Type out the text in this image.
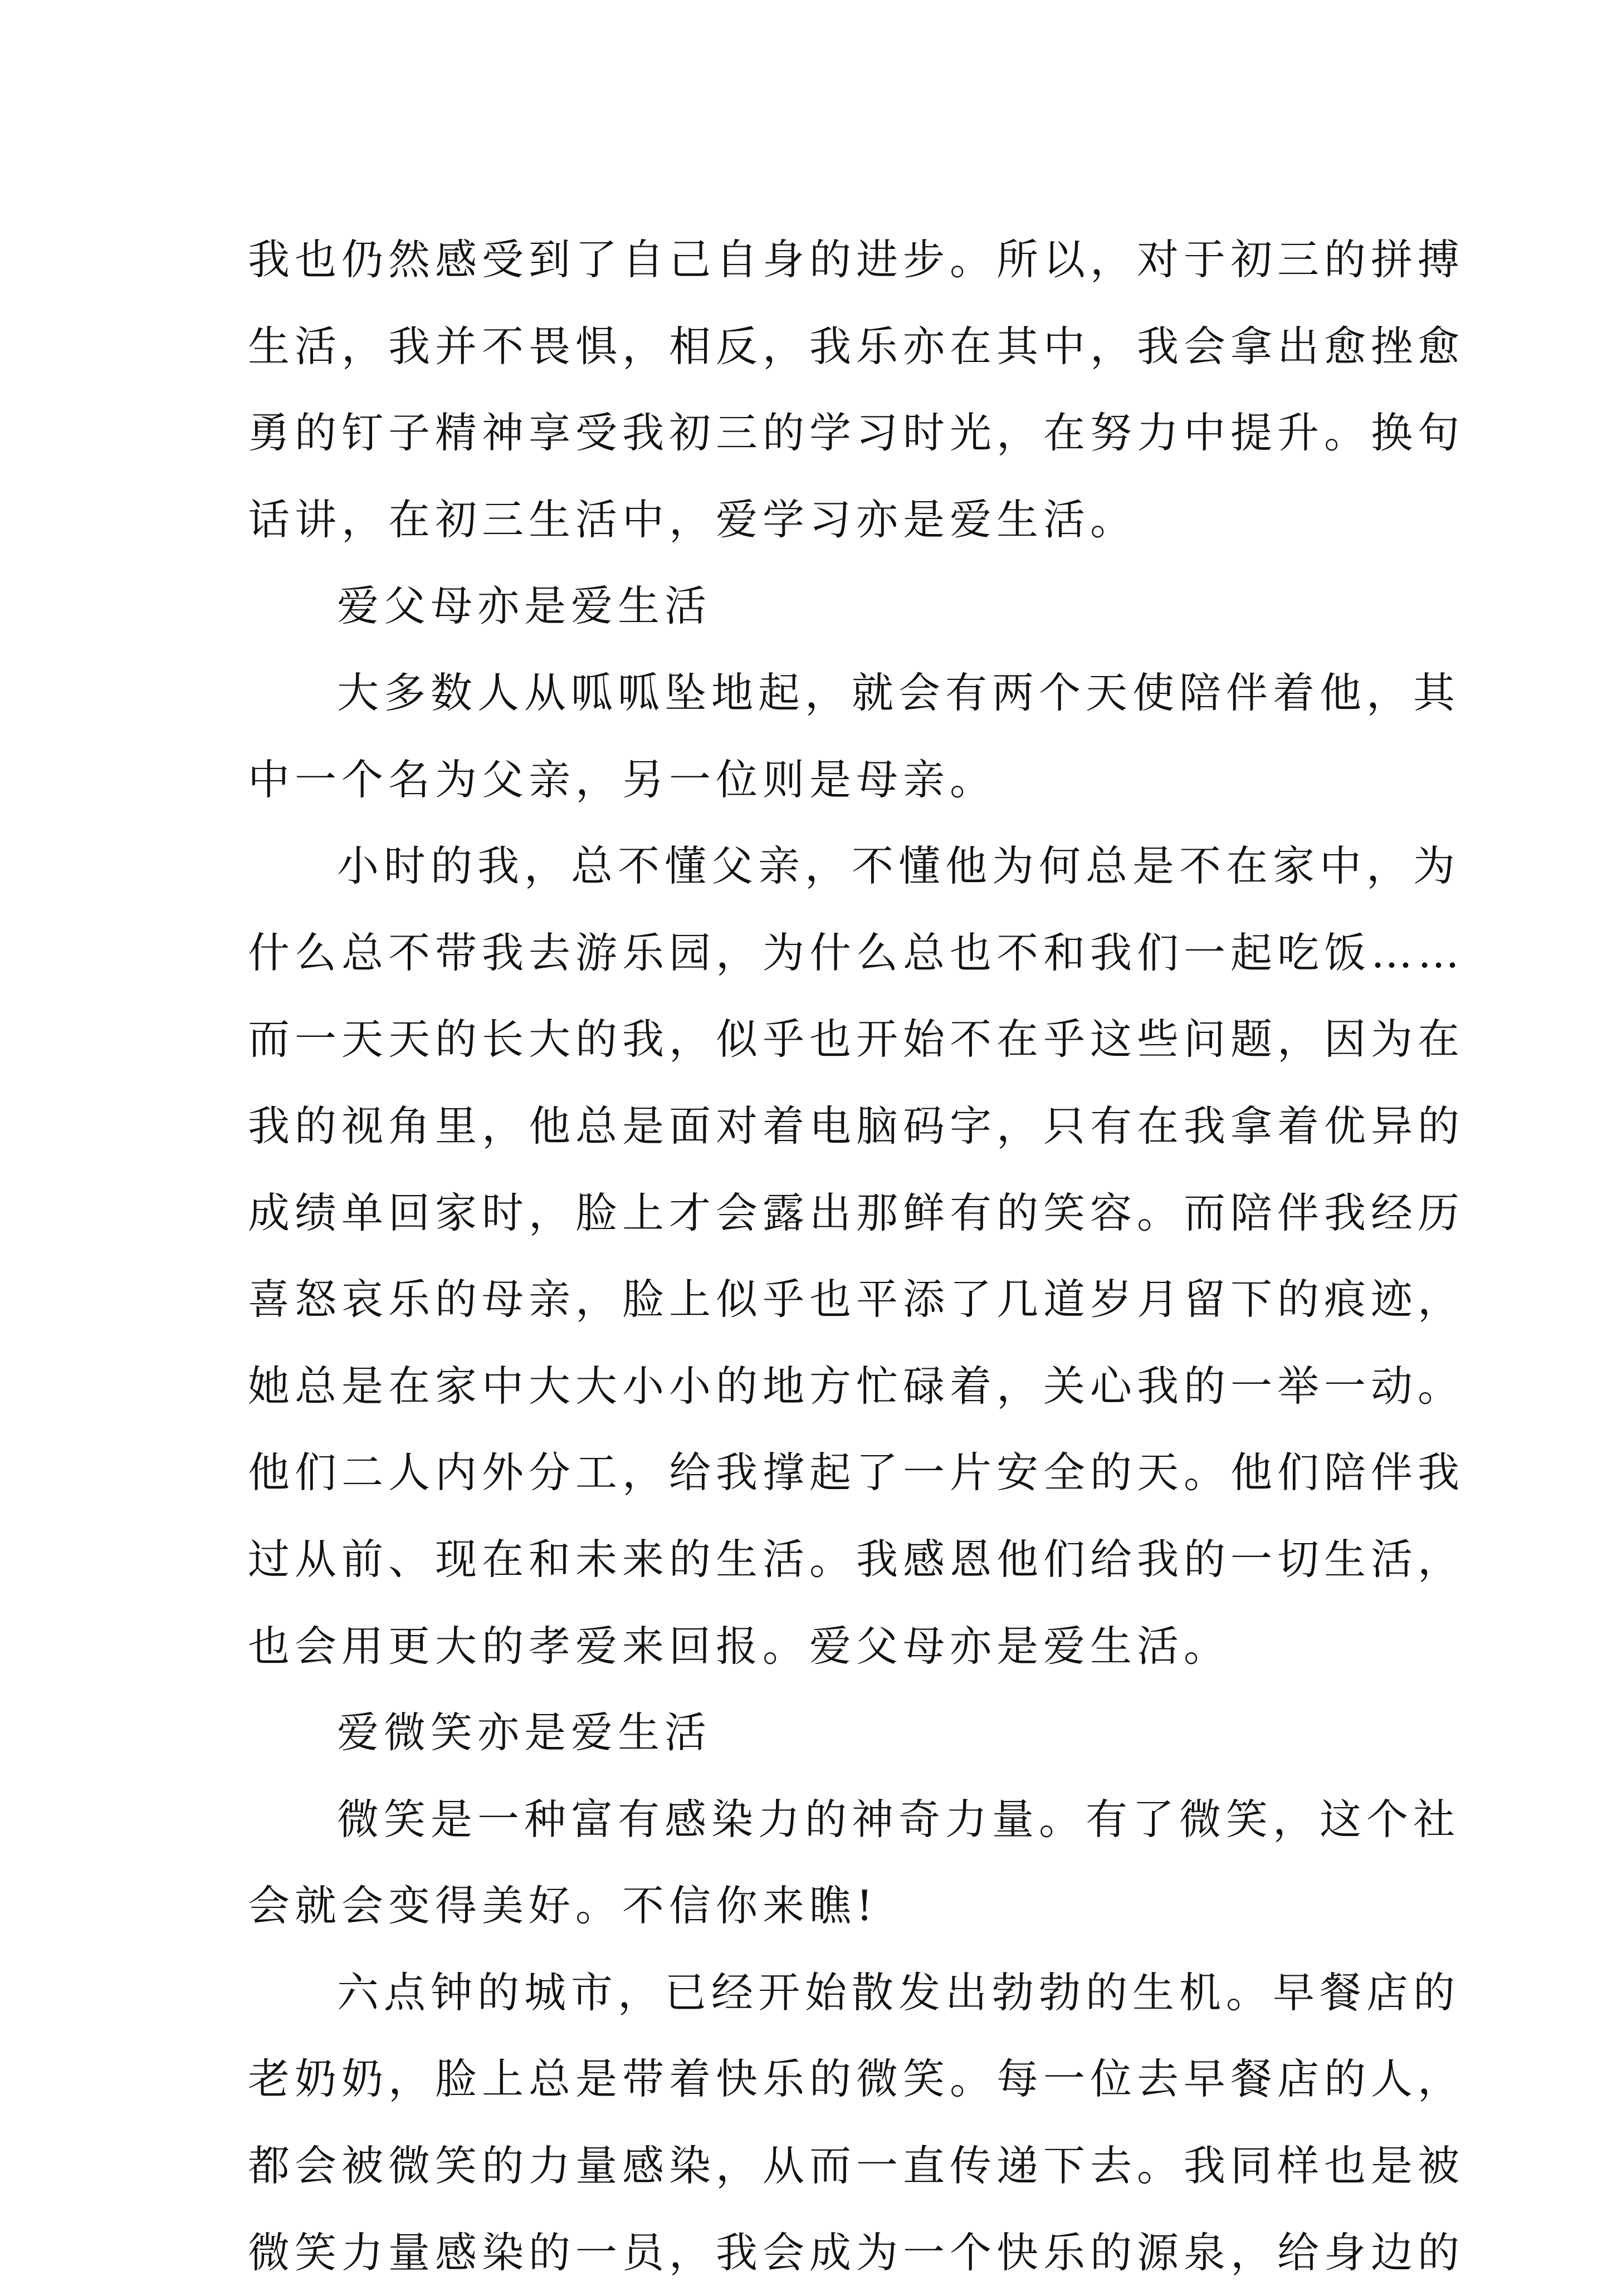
我也仍然感受到了自己自身的进步。所以，对于初三的拼搏
生活，我并不畏惧，相反，我乐亦在其中，我会拿出愈挫愈
勇的钉子精神享受我初三的学习时光，在努力中提升。换句
话讲，在初三生活中，爱学习亦是爱生活。
爱父母亦是爱生活
大多数人从呱呱坠地起，就会有两个天使陪伴着他，其
中一个名为父亲，另一位则是母亲。
小时的我，总不懂父亲，不懂他为何总是不在家中，为
什么总不带我去游乐园，为什么总也不和我们一起吃饭……
而一天天的长大的我，似乎也开始不在乎这些问题，因为在
我的视角里，他总是面对着电脑码字，只有在我拿着优异的
成绩单回家时，脸上才会露出那鲜有的笑容。而陪伴我经历
喜怒哀乐的母亲，脸上似乎也平添了几道岁月留下的痕迹，
她总是在家中大大小小的地方忙碌着，关心我的一举一动。
他们二人内外分工，给我撑起了一片安全的天。他们陪伴我
过从前、现在和未来的生活。我感恩他们给我的一切生活，
也会用更大的孝爱来回报。爱父母亦是爱生活。
爱微笑亦是爱生活
微笑是一种富有感染力的神奇力量。有了微笑，这个社
会就会变得美好。不信你来瞧!
六点钟的城市，已经开始散发出勃勃的生机。早餐店的
老奶奶，脸上总是带着快乐的微笑。每一位去早餐店的人，
都会被微笑的力量感染，从而一直传递下去。我同样也是被
微笑力量感染的一员，我会成为一个快乐的源泉，给身边的
